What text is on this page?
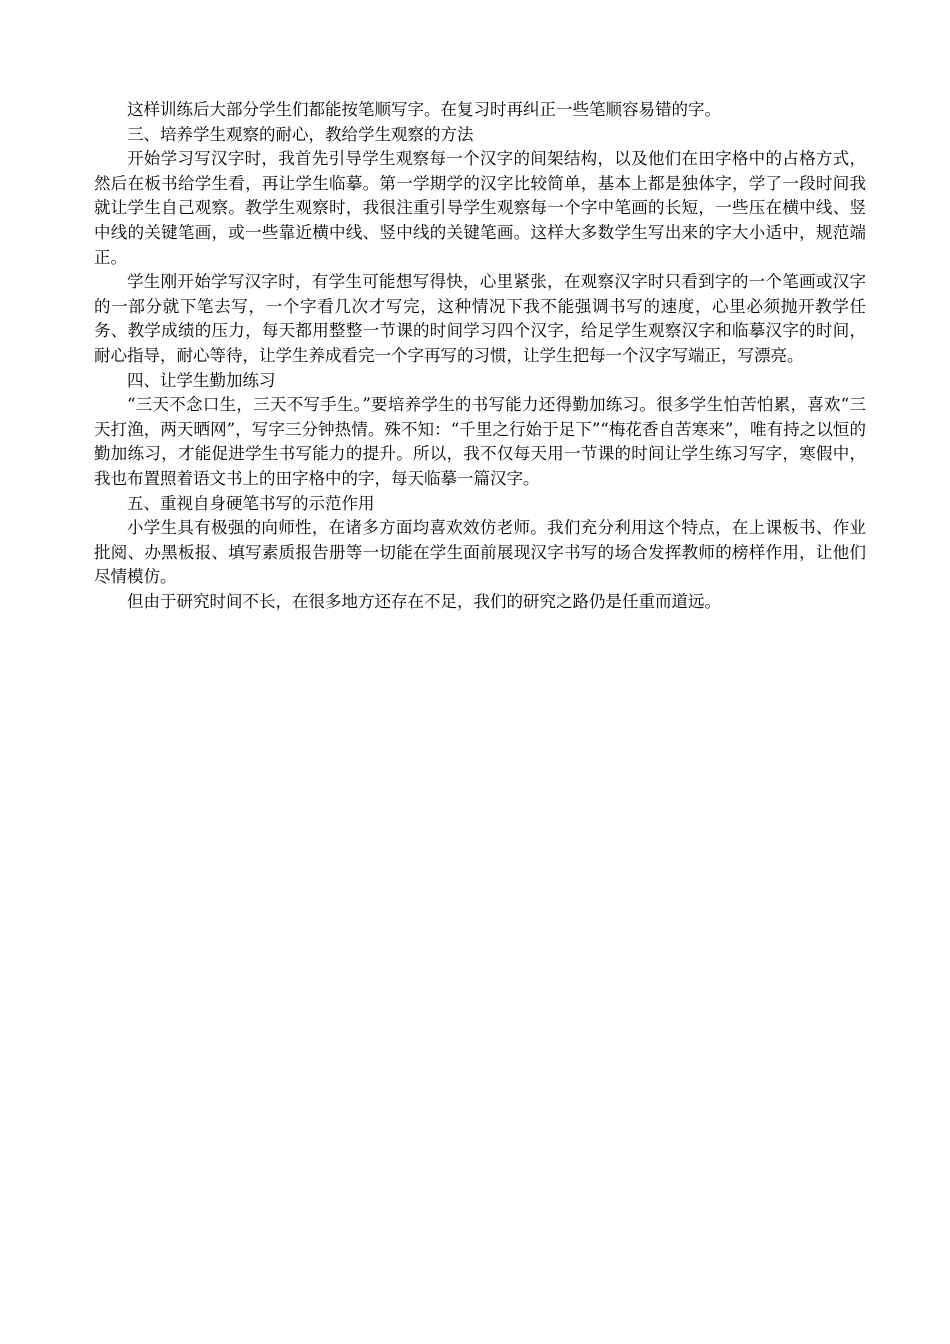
这样训练后大部分学生们都能按笔顺写字。在复习时再纠正一些笔顺容易错的字。

三、培养学生观察的耐心，教给学生观察的方法

开始学习写汉字时，我首先引导学生观察每一个汉字的间架结构，以及他们在田字格中的占格方式，然后在板书给学生看，再让学生临摹。第一学期学的汉字比较简单，基本上都是独体字，学了一段时间我就让学生自己观察。教学生观察时，我很注重引导学生观察每一个字中笔画的长短，一些压在横中线、竖中线的关键笔画，或一些靠近横中线、竖中线的关键笔画。这样大多数学生写出来的字大小适中，规范端正。

学生刚开始学写汉字时，有学生可能想写得快，心里紧张，在观察汉字时只看到字的一个笔画或汉字的一部分就下笔去写，一个字看几次才写完，这种情况下我不能强调书写的速度，心里必须抛开教学任务、教学成绩的压力，每天都用整整一节课的时间学习四个汉字，给足学生观察汉字和临摹汉字的时间，耐心指导，耐心等待，让学生养成看完一个字再写的习惯，让学生把每一个汉字写端正，写漂亮。

四、让学生勤加练习

“三天不念口生，三天不写手生。”要培养学生的书写能力还得勤加练习。很多学生怕苦怕累，喜欢“三天打渔，两天晒网”，写字三分钟热情。殊不知：“千里之行始于足下”“梅花香自苦寒来”，唯有持之以恒的勤加练习，才能促进学生书写能力的提升。所以，我不仅每天用一节课的时间让学生练习写字，寒假中，我也布置照着语文书上的田字格中的字，每天临摹一篇汉字。

五、重视自身硬笔书写的示范作用

小学生具有极强的向师性，在诸多方面均喜欢效仿老师。我们充分利用这个特点，在上课板书、作业批阅、办黑板报、填写素质报告册等一切能在学生面前展现汉字书写的场合发挥教师的榜样作用，让他们尽情模仿。

但由于研究时间不长，在很多地方还存在不足，我们的研究之路仍是任重而道远。
